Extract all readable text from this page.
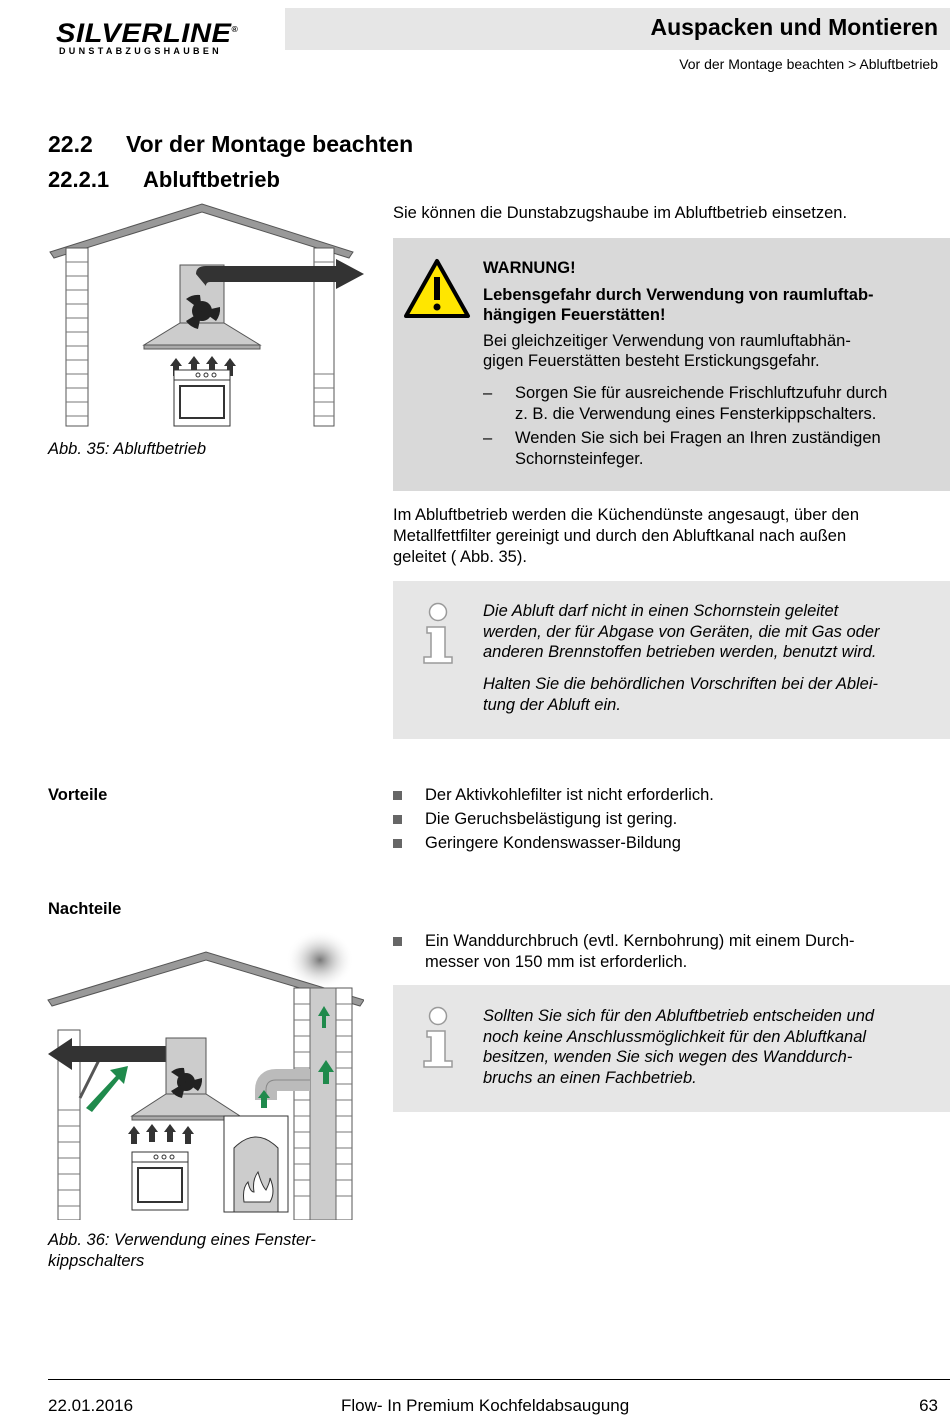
SILVERLINE®
DUNSTABZUGSHAUBEN
Auspacken und Montieren
Vor der Montage beachten > Abluftbetrieb
22.2 Vor der Montage beachten
22.2.1 Abluftbetrieb
Abb. 35: Abluftbetrieb
Sie können die Dunstabzugshaube im Abluftbetrieb einsetzen.
WARNUNG!
Lebensgefahr durch Verwendung von raumluftab-
hängigen Feuerstätten!
Bei gleichzeitiger Verwendung von raumluftabhän-
gigen Feuerstätten besteht Erstickungsgefahr.
– Sorgen Sie für ausreichende Frischluftzufuhr durch
z. B. die Verwendung eines Fensterkippschalters.
– Wenden Sie sich bei Fragen an Ihren zuständigen
Schornsteinfeger.
Im Abluftbetrieb werden die Küchendünste angesaugt, über den
Metallfettfilter gereinigt und durch den Abluftkanal nach außen
geleitet ( Abb. 35).
Die Abluft darf nicht in einen Schornstein geleitet
werden, der für Abgase von Geräten, die mit Gas oder
anderen Brennstoffen betrieben werden, benutzt wird.
Halten Sie die behördlichen Vorschriften bei der Ablei-
tung der Abluft ein.
Vorteile	Der Aktivkohlefilter ist nicht erforderlich.
Die Geruchsbelästigung ist gering.
Geringere Kondenswasser-Bildung
Nachteile
Ein Wanddurchbruch (evtl. Kernbohrung) mit einem Durch-
messer von 150 mm ist erforderlich.
Sollten Sie sich für den Abluftbetrieb entscheiden und
noch keine Anschlussmöglichkeit für den Abluftkanal
besitzen, wenden Sie sich wegen des Wanddurch-
bruchs an einen Fachbetrieb.
Abb. 36: Verwendung eines Fenster-
kippschalters
22.01.2016	Flow- In Premium Kochfeldabsaugung	63
